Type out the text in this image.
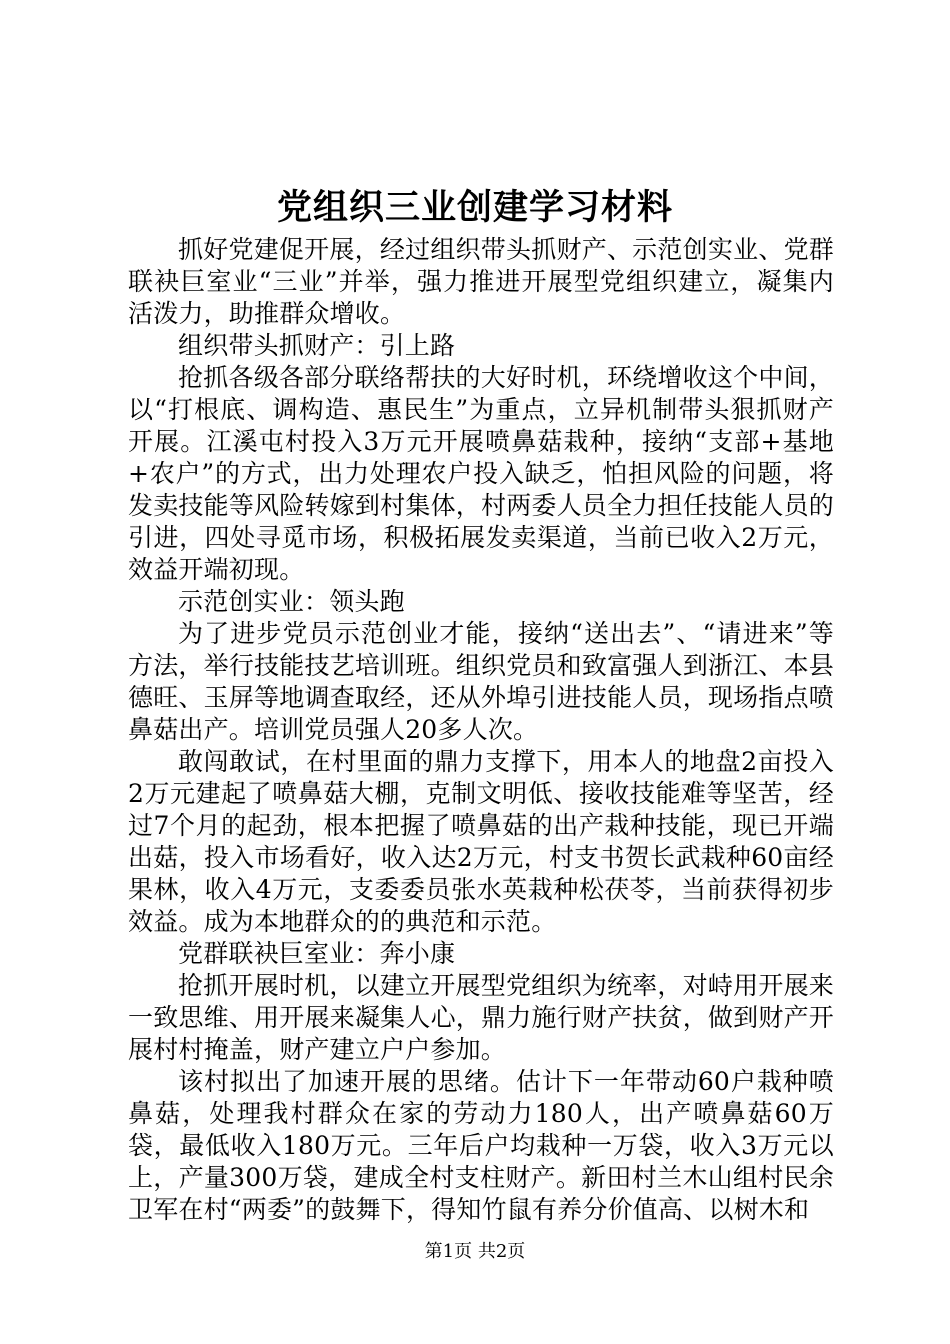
党组织三业创建学习材料

抓好党建促开展，经过组织带头抓财产、示范创实业、党群联袂巨室业“三业”并举，强力推进开展型党组织建立，凝集内活泼力，助推群众增收。

组织带头抓财产：引上路

抢抓各级各部分联络帮扶的大好时机，环绕增收这个中间，以“打根底、调构造、惠民生”为重点，立异机制带头狠抓财产开展。江溪屯村投入3万元开展喷鼻菇栽种，接纳“支部+基地+农户”的方式，出力处理农户投入缺乏，怕担风险的问题，将发卖技能等风险转嫁到村集体，村两委人员全力担任技能人员的引进，四处寻觅市场，积极拓展发卖渠道，当前已收入2万元，效益开端初现。

示范创实业：领头跑

为了进步党员示范创业才能，接纳“送出去”、“请进来”等方法，举行技能技艺培训班。组织党员和致富强人到浙江、本县德旺、玉屏等地调查取经，还从外埠引进技能人员，现场指点喷鼻菇出产。培训党员强人20多人次。

敢闯敢试，在村里面的鼎力支撑下，用本人的地盘2亩投入2万元建起了喷鼻菇大棚，克制文明低、接收技能难等坚苦，经过7个月的起劲，根本把握了喷鼻菇的出产栽种技能，现已开端出菇，投入市场看好，收入达2万元，村支书贺长武栽种60亩经果林，收入4万元，支委委员张水英栽种松茯苓，当前获得初步效益。成为本地群众的的典范和示范。

党群联袂巨室业：奔小康

抢抓开展时机，以建立开展型党组织为统率，对峙用开展来一致思维、用开展来凝集人心，鼎力施行财产扶贫，做到财产开展村村掩盖，财产建立户户参加。

该村拟出了加速开展的思绪。估计下一年带动60户栽种喷鼻菇，处理我村群众在家的劳动力180人，出产喷鼻菇60万袋，最低收入180万元。三年后户均栽种一万袋，收入3万元以上，产量300万袋，建成全村支柱财产。新田村兰木山组村民余卫军在村“两委”的鼓舞下，得知竹鼠有养分价值高、以树木和

第1页 共2页
